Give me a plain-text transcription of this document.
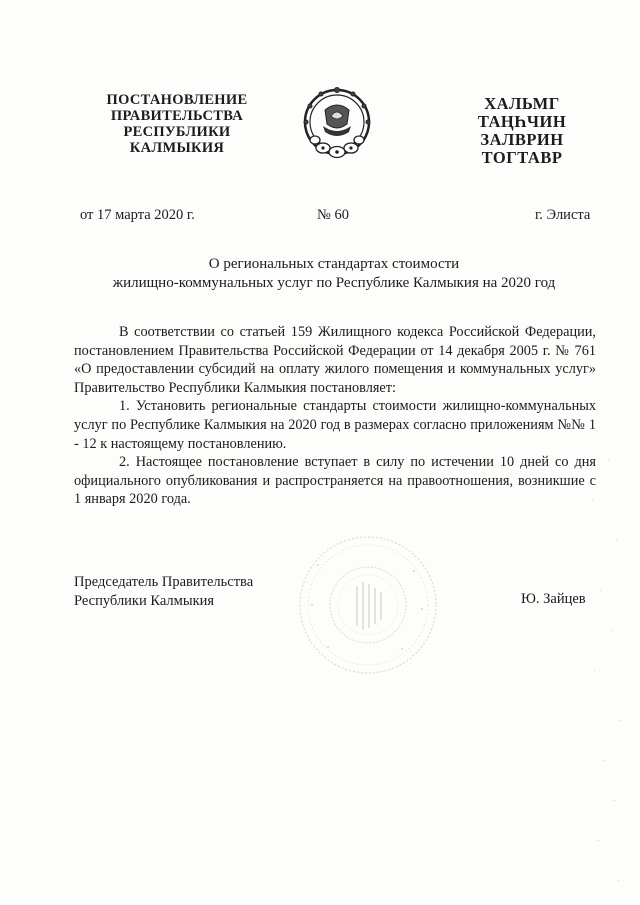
ПОСТАНОВЛЕНИЕ
ПРАВИТЕЛЬСТВА
РЕСПУБЛИКИ
КАЛМЫКИЯ
ХАЛЬМГ
ТАҢҺЧИН
ЗАЛВРИН
ТОГТАВР
от 17 марта 2020 г.	№ 60	г. Элиста
О региональных стандартах стоимости
жилищно-коммунальных услуг по Республике Калмыкия на 2020 год

В соответствии со статьей 159 Жилищного кодекса Российской Федерации, постановлением Правительства Российской Федерации от 14 декабря 2005 г. № 761 «О предоставлении субсидий на оплату жилого помещения и коммунальных услуг» Правительство Республики Калмыкия постановляет:

1. Установить региональные стандарты стоимости жилищно-коммунальных услуг по Республике Калмыкия на 2020 год в размерах согласно приложениям №№ 1 - 12 к настоящему постановлению.

2. Настоящее постановление вступает в силу по истечении 10 дней со дня официального опубликования и распространяется на правоотношения, возникшие с 1 января 2020 года.

Председатель Правительства
Республики Калмыкия	Ю. Зайцев
